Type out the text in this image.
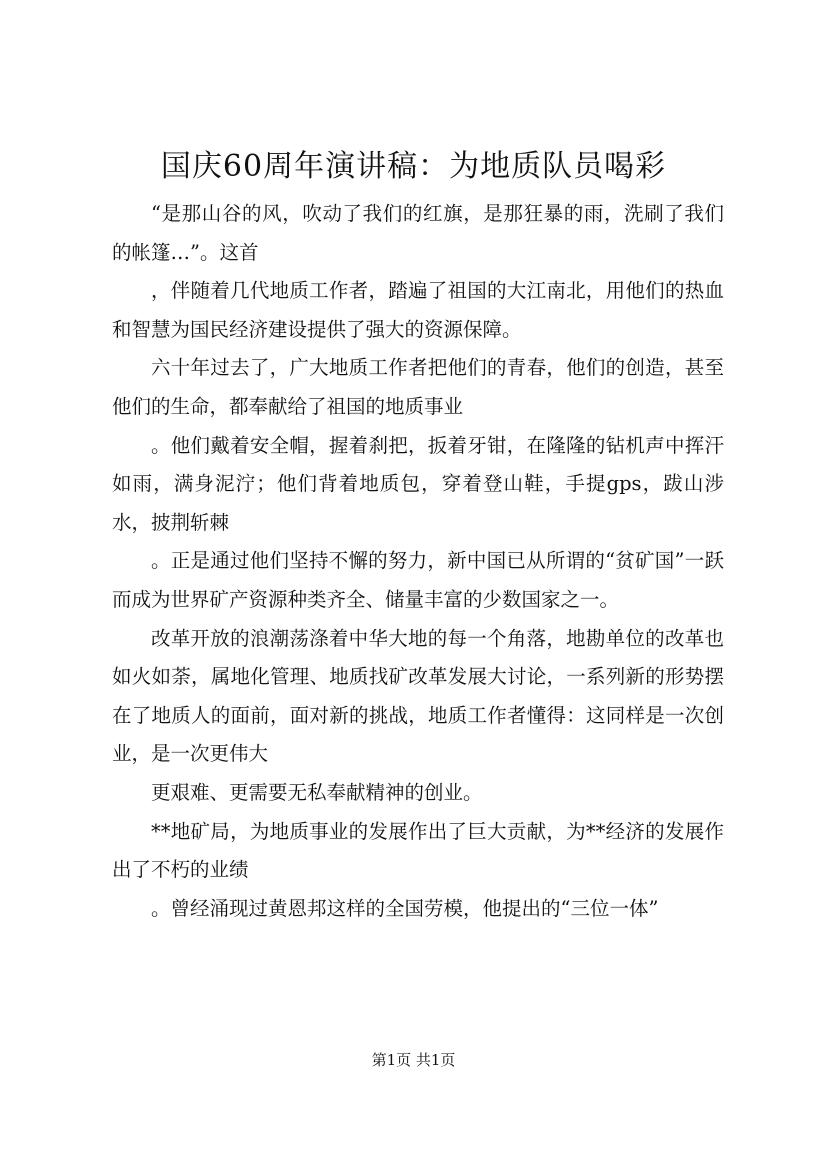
国庆60周年演讲稿：为地质队员喝彩

“是那山谷的风，吹动了我们的红旗，是那狂暴的雨，洗刷了我们的帐篷…”。这首

，伴随着几代地质工作者，踏遍了祖国的大江南北，用他们的热血和智慧为国民经济建设提供了强大的资源保障。

六十年过去了，广大地质工作者把他们的青春，他们的创造，甚至他们的生命，都奉献给了祖国的地质事业

。他们戴着安全帽，握着刹把，扳着牙钳，在隆隆的钻机声中挥汗如雨，满身泥泞；他们背着地质包，穿着登山鞋，手提gps，跋山涉水，披荆斩棘

。正是通过他们坚持不懈的努力，新中国已从所谓的“贫矿国”一跃而成为世界矿产资源种类齐全、储量丰富的少数国家之一。

改革开放的浪潮荡涤着中华大地的每一个角落，地勘单位的改革也如火如荼，属地化管理、地质找矿改革发展大讨论，一系列新的形势摆在了地质人的面前，面对新的挑战，地质工作者懂得：这同样是一次创业，是一次更伟大

更艰难、更需要无私奉献精神的创业。

**地矿局，为地质事业的发展作出了巨大贡献，为**经济的发展作出了不朽的业绩

。曾经涌现过黄恩邦这样的全国劳模，他提出的“三位一体”

第1页 共1页
